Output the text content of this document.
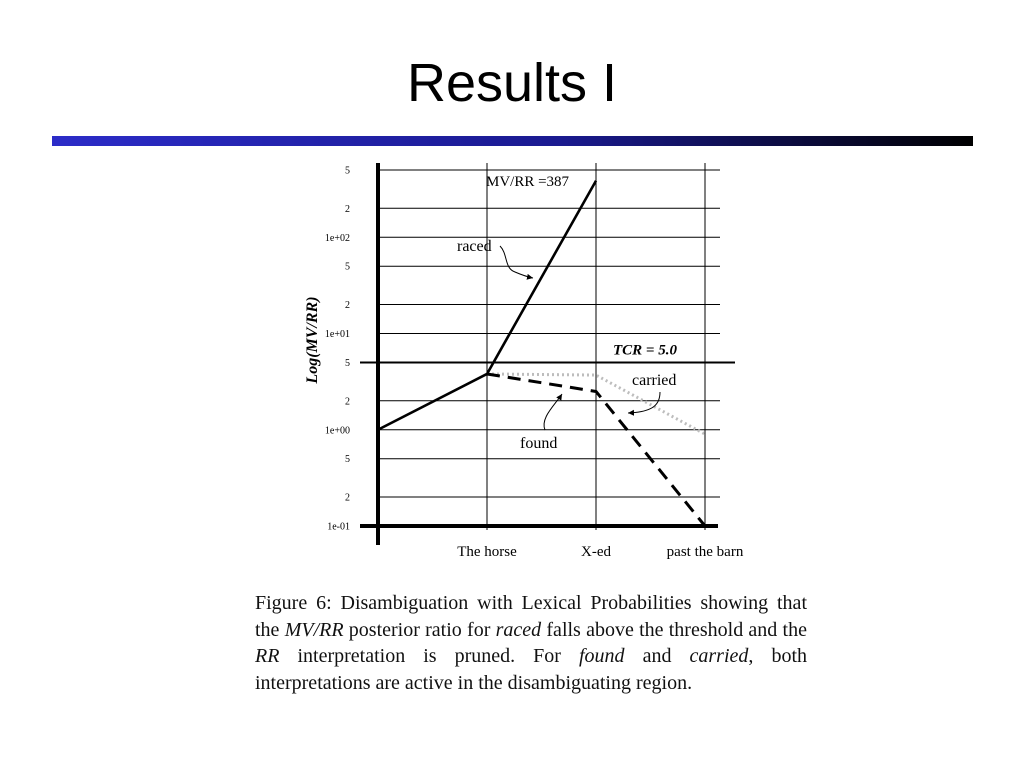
Results I
5
2
1e+02
5
2
1e+01
5
2
1e+00
5
2
1e-01
TCR = 5.0
The horse	X-ed	past the barn
Log(MV/RR)
raced
found
carried
MV/RR =387
Figure 6: Disambiguation with Lexical Probabilities showing that the MV/RR posterior ratio for raced falls above the threshold and the RR interpretation is pruned. For found and carried, both interpretations are active in the disambiguating region.
